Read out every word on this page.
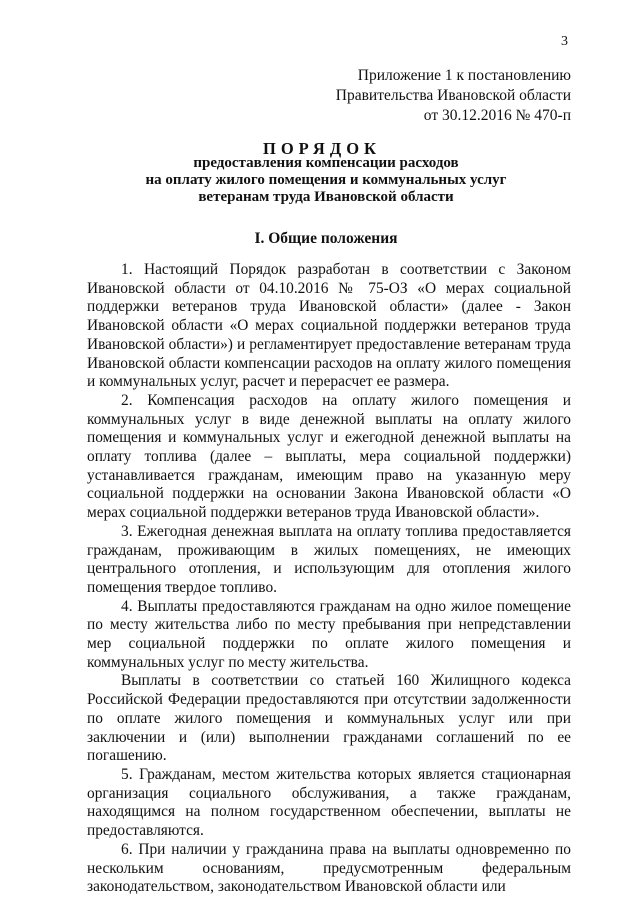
3
Приложение 1 к постановлению
Правительства Ивановской области
от 30.12.2016 № 470-п
ПОРЯДОК
предоставления компенсации расходов
на оплату жилого помещения и коммунальных услуг
ветеранам труда Ивановской области
I. Общие положения

1. Настоящий Порядок разработан в соответствии с Законом Ивановской области от 04.10.2016 № 75-ОЗ «О мерах социальной поддержки ветеранов труда Ивановской области» (далее - Закон Ивановской области «О мерах социальной поддержки ветеранов труда Ивановской области») и регламентирует предоставление ветеранам труда Ивановской области компенсации расходов на оплату жилого помещения и коммунальных услуг, расчет и перерасчет ее размера.

2. Компенсация расходов на оплату жилого помещения и коммунальных услуг в виде денежной выплаты на оплату жилого помещения и коммунальных услуг и ежегодной денежной выплаты на оплату топлива (далее – выплаты, мера социальной поддержки) устанавливается гражданам, имеющим право на указанную меру социальной поддержки на основании Закона Ивановской области «О мерах социальной поддержки ветеранов труда Ивановской области».

3. Ежегодная денежная выплата на оплату топлива предоставляется гражданам, проживающим в жилых помещениях, не имеющих центрального отопления, и использующим для отопления жилого помещения твердое топливо.

4. Выплаты предоставляются гражданам на одно жилое помещение по месту жительства либо по месту пребывания при непредставлении мер социальной поддержки по оплате жилого помещения и коммунальных услуг по месту жительства.

Выплаты в соответствии со статьей 160 Жилищного кодекса Российской Федерации предоставляются при отсутствии задолженности по оплате жилого помещения и коммунальных услуг или при заключении и (или) выполнении гражданами соглашений по ее погашению.

5. Гражданам, местом жительства которых является стационарная организация социального обслуживания, а также гражданам, находящимся на полном государственном обеспечении, выплаты не предоставляются.

6. При наличии у гражданина права на выплаты одновременно по нескольким основаниям, предусмотренным федеральным законодательством, законодательством Ивановской области или
